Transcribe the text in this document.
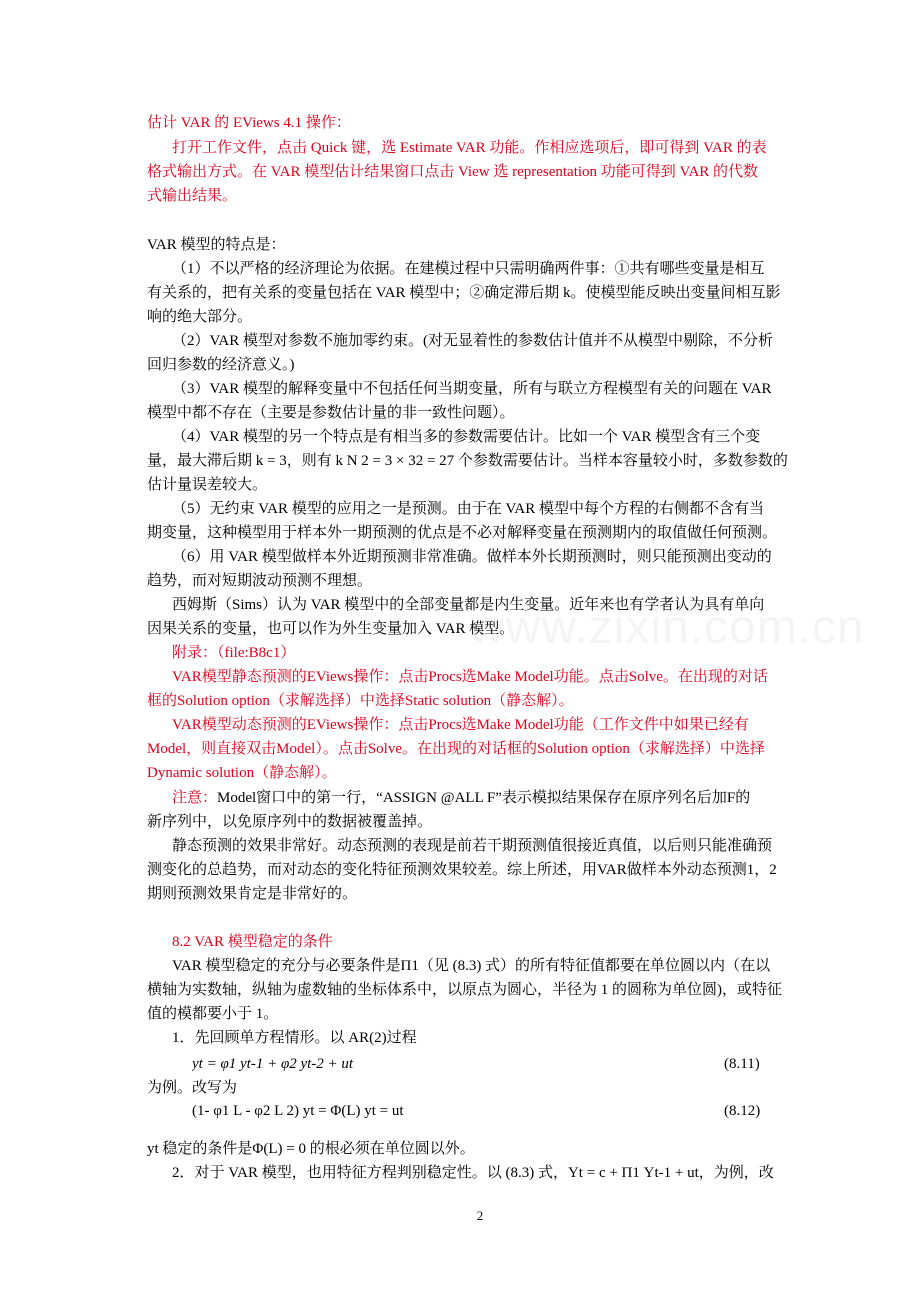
估计 VAR 的 EViews 4.1 操作：
打开工作文件，点击 Quick 键，选 Estimate VAR 功能。作相应选项后，即可得到 VAR 的表
格式输出方式。在 VAR 模型估计结果窗口点击 View 选 representation 功能可得到 VAR 的代数
式输出结果。
VAR 模型的特点是：
（1）不以严格的经济理论为依据。在建模过程中只需明确两件事：①共有哪些变量是相互
有关系的，把有关系的变量包括在 VAR 模型中；②确定滞后期 k。使模型能反映出变量间相互影
响的绝大部分。
（2）VAR 模型对参数不施加零约束。(对无显着性的参数估计值并不从模型中剔除，不分析
回归参数的经济意义。)
（3）VAR 模型的解释变量中不包括任何当期变量，所有与联立方程模型有关的问题在 VAR
模型中都不存在（主要是参数估计量的非一致性问题）。
（4）VAR 模型的另一个特点是有相当多的参数需要估计。比如一个 VAR 模型含有三个变
量，最大滞后期 k = 3，则有 k N 2 = 3 × 32 = 27 个参数需要估计。当样本容量较小时，多数参数的
估计量误差较大。
（5）无约束 VAR 模型的应用之一是预测。由于在 VAR 模型中每个方程的右侧都不含有当
期变量，这种模型用于样本外一期预测的优点是不必对解释变量在预测期内的取值做任何预测。
（6）用 VAR 模型做样本外近期预测非常准确。做样本外长期预测时，则只能预测出变动的
趋势，而对短期波动预测不理想。
西姆斯（Sims）认为 VAR 模型中的全部变量都是内生变量。近年来也有学者认为具有单向
因果关系的变量，也可以作为外生变量加入 VAR 模型。
附录：（file:B8c1）
VAR模型静态预测的EViews操作：点击Procs选Make Model功能。点击Solve。在出现的对话
框的Solution option（求解选择）中选择Static solution（静态解）。
VAR模型动态预测的EViews操作：点击Procs选Make Model功能（工作文件中如果已经有
Model，则直接双击Model）。点击Solve。在出现的对话框的Solution option（求解选择）中选择
Dynamic solution（静态解）。
注意：Model窗口中的第一行，“ASSIGN @ALL F”表示模拟结果保存在原序列名后加F的
新序列中，以免原序列中的数据被覆盖掉。
静态预测的效果非常好。动态预测的表现是前若干期预测值很接近真值，以后则只能准确预
测变化的总趋势，而对动态的变化特征预测效果较差。综上所述，用VAR做样本外动态预测1，2
期则预测效果肯定是非常好的。
8.2 VAR 模型稳定的条件
VAR 模型稳定的充分与必要条件是Π1（见 (8.3) 式）的所有特征值都要在单位圆以内（在以
横轴为实数轴，纵轴为虚数轴的坐标体系中，以原点为圆心，半径为 1 的圆称为单位圆)，或特征
值的模都要小于 1。
1．先回顾单方程情形。以 AR(2)过程
yt = φ1 yt-1 + φ2 yt-2 + ut	(8.11)
为例。改写为
(1- φ1 L - φ2 L 2) yt = Φ(L) yt = ut	(8.12)
yt 稳定的条件是Φ(L) = 0 的根必须在单位圆以外。
2．对于 VAR 模型，也用特征方程判别稳定性。以 (8.3) 式，Yt = c + Π1 Yt-1 + ut，为例，改
2
